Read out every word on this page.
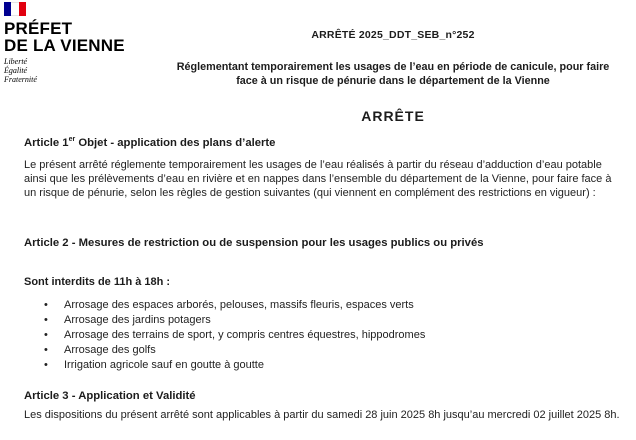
PRÉFET
DE LA VIENNE
Liberté
Égalité
Fraternité
ARRÊTÉ 2025_DDT_SEB_n°252
Réglementant temporairement les usages de l’eau en période de canicule, pour faire
face à un risque de pénurie dans le département de la Vienne
ARRÊTE
Article 1er Objet - application des plans d’alerte
Le présent arrêté réglemente temporairement les usages de l’eau réalisés à partir du réseau d’adduction d’eau potable ainsi que les prélèvements d’eau en rivière et en nappes dans l’ensemble du département de la Vienne, pour faire face à un risque de pénurie, selon les règles de gestion suivantes (qui viennent en complément des restrictions en vigueur) :
Article 2 - Mesures de restriction ou de suspension pour les usages publics ou privés
Sont interdits de 11h à 18h :
• Arrosage des espaces arborés, pelouses, massifs fleuris, espaces verts
• Arrosage des jardins potagers
• Arrosage des terrains de sport, y compris centres équestres, hippodromes
• Arrosage des golfs
• Irrigation agricole sauf en goutte à goutte
Article 3 - Application et Validité
Les dispositions du présent arrêté sont applicables à partir du samedi 28 juin 2025 8h jusqu’au mercredi 02 juillet 2025 8h.
